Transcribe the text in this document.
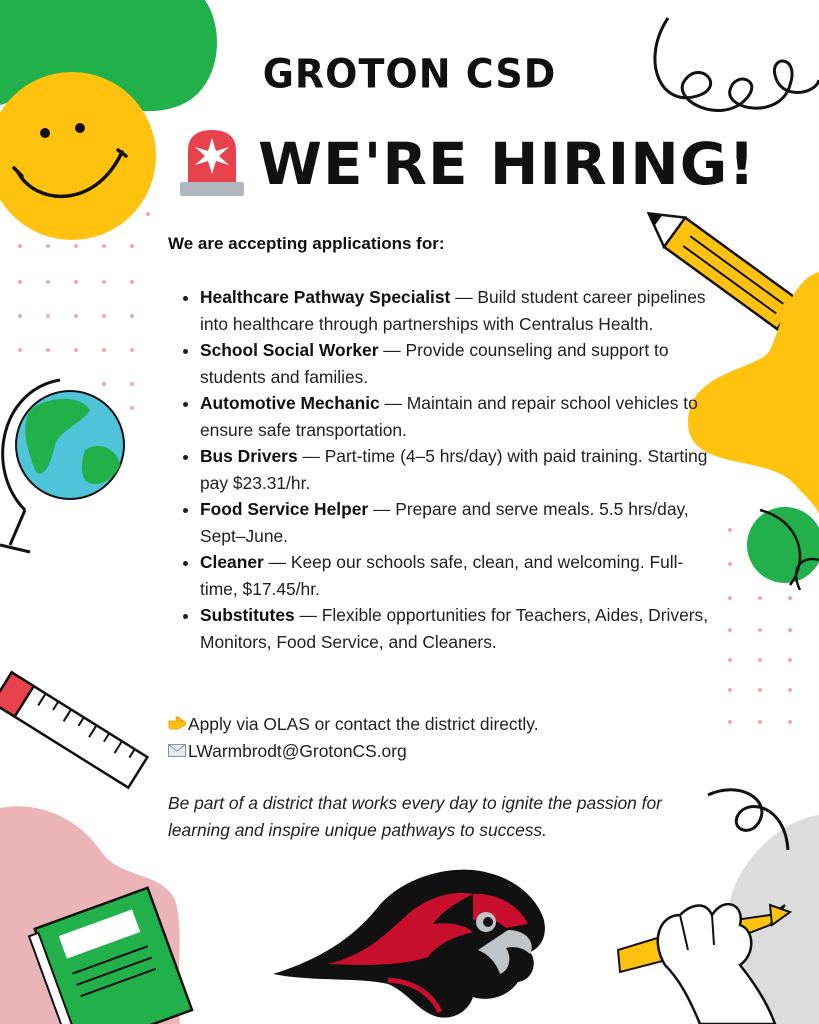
GROTON CSD
WE'RE HIRING!
We are accepting applications for:
• Healthcare Pathway Specialist — Build student career pipelines into healthcare through partnerships with Centralus Health.
• School Social Worker — Provide counseling and support to students and families.
• Automotive Mechanic — Maintain and repair school vehicles to ensure safe transportation.
• Bus Drivers — Part-time (4–5 hrs/day) with paid training. Starting pay $23.31/hr.
• Food Service Helper — Prepare and serve meals. 5.5 hrs/day, Sept–June.
• Cleaner — Keep our schools safe, clean, and welcoming. Full-time, $17.45/hr.
• Substitutes — Flexible opportunities for Teachers, Aides, Drivers, Monitors, Food Service, and Cleaners.
Apply via OLAS or contact the district directly.
LWarmbrodt@GrotonCS.org
Be part of a district that works every day to ignite the passion for learning and inspire unique pathways to success.
